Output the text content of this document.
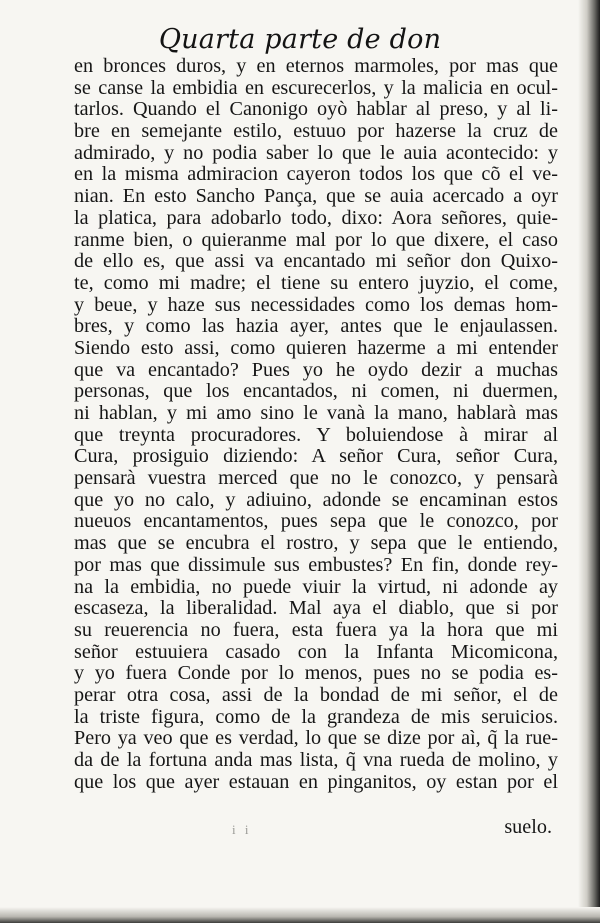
Quarta parte de don
en bronces duros, y en eternos marmoles, por mas que
se canse la embidia en escurecerlos, y la malicia en ocul-
tarlos. Quando el Canonigo oyò hablar al preso, y al li-
bre en semejante estilo, estuuo por hazerse la cruz de
admirado, y no podia saber lo que le auia acontecido: y
en la misma admiracion cayeron todos los que cõ el ve-
nian. En esto Sancho Pança, que se auia acercado a oyr
la platica, para adobarlo todo, dixo: Aora señores, quie-
ranme bien, o quieranme mal por lo que dixere, el caso
de ello es, que assi va encantado mi señor don Quixo-
te, como mi madre; el tiene su entero juyzio, el come,
y beue, y haze sus necessidades como los demas hom-
bres, y como las hazia ayer, antes que le enjaulassen.
Siendo esto assi, como quieren hazerme a mi entender
que va encantado? Pues yo he oydo dezir a muchas
personas, que los encantados, ni comen, ni duermen,
ni hablan, y mi amo sino le vanà la mano, hablarà mas
que treynta procuradores. Y boluiendose à mirar al
Cura, prosiguio diziendo: A señor Cura, señor Cura,
pensarà vuestra merced que no le conozco, y pensarà
que yo no calo, y adiuino, adonde se encaminan estos
nueuos encantamentos, pues sepa que le conozco, por
mas que se encubra el rostro, y sepa que le entiendo,
por mas que dissimule sus embustes? En fin, donde rey-
na la embidia, no puede viuir la virtud, ni adonde ay
escaseza, la liberalidad. Mal aya el diablo, que si por
su reuerencia no fuera, esta fuera ya la hora que mi
señor estuuiera casado con la Infanta Micomicona,
y yo fuera Conde por lo menos, pues no se podia es-
perar otra cosa, assi de la bondad de mi señor, el de
la triste figura, como de la grandeza de mis seruicios.
Pero ya veo que es verdad, lo que se dize por aì, q̃ la rue-
da de la fortuna anda mas lista, q̃ vna rueda de molino, y
que los que ayer estauan en pinganitos, oy estan por el
i i	suelo.
